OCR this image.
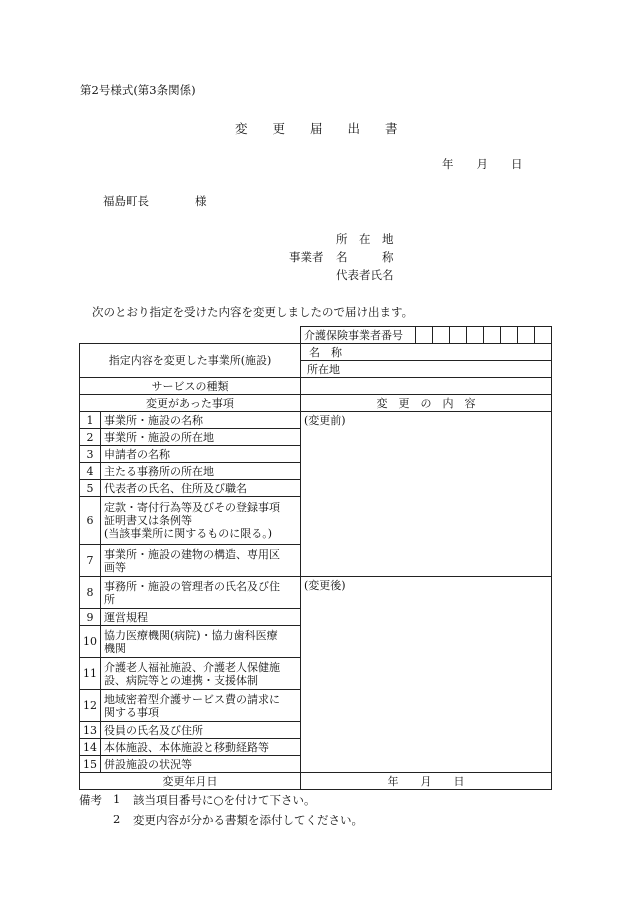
第2号様式(第3条関係)
変　更　届　出　書
年　　月　　日
福島町長　　　　様
所　在　地
事業者 名　　　称
代表者氏名
次のとおり指定を受けた内容を変更しましたので届け出ます。
		介護保険事業者番号								
指定内容を変更した事業所(施設)		名　称								
		所在地								
サービスの種類										
変更があった事項		変　更　の　内　容								
1	事業所・施設の名称	(変更前)								
2	事業所・施設の所在地									
3	申請者の名称									
4	主たる事務所の所在地									
5	代表者の氏名、住所及び職名									
6	定款・寄付行為等及びその登録事項
証明書又は条例等
(当該事業所に関するものに限る。)									
7	事業所・施設の建物の構造、専用区
画等									
8	事務所・施設の管理者の氏名及び住
所	(変更後)								
9	運営規程									
10	協力医療機関(病院)・協力歯科医療
機関									
11	介護老人福祉施設、介護老人保健施
設、病院等との連携・支援体制									
12	地域密着型介護サービス費の請求に
関する事項									
13	役員の氏名及び住所									
14	本体施設、本体施設と移動経路等									
15	併設施設の状況等									
変更年月日		年　　月　　日								
備考 1 該当項目番号に○を付けて下さい。
2 変更内容が分かる書類を添付してください。
